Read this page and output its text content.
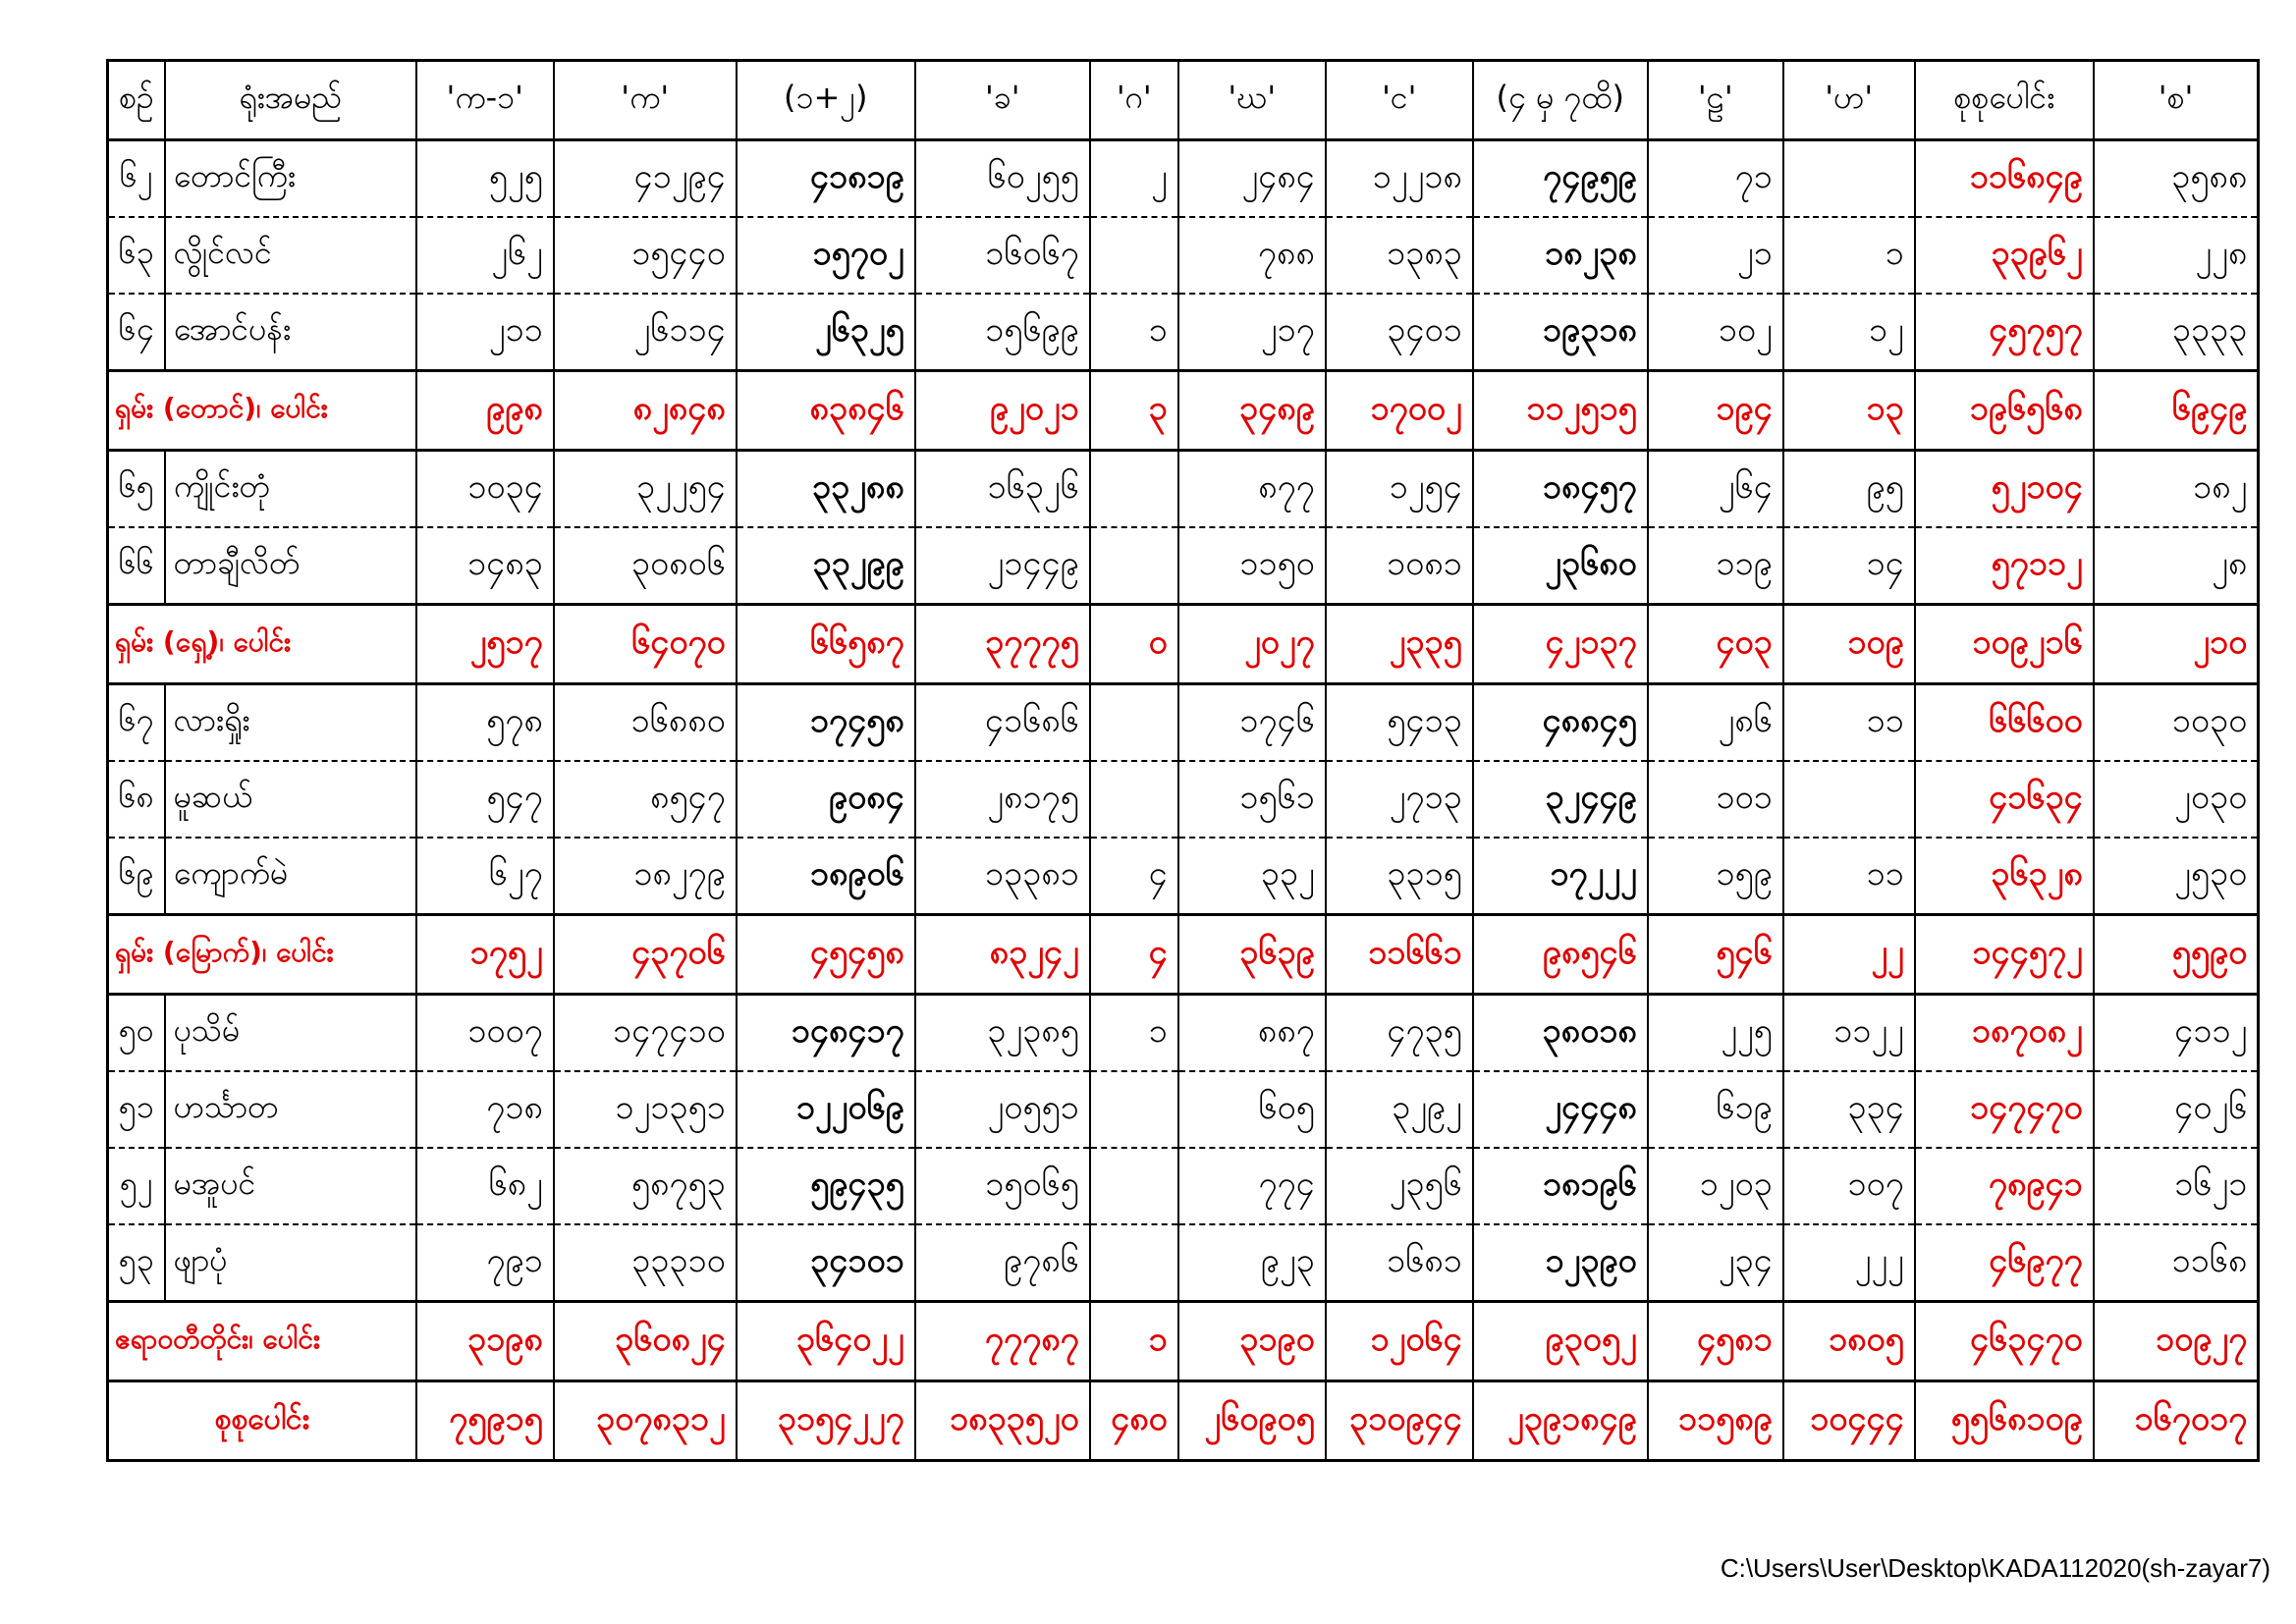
စဉ်	ရုံးအမည်	'က-၁'	'က'	(၁+၂)	'ခ'	'ဂ'	'ဃ'	'င'	(၄ မှ ၇ထိ)	'ဠ'	'ဟ'	စုစုပေါင်း	'စ'
၆၂	တောင်ကြီး	၅၂၅	၄၁၂၉၄	၄၁၈၁၉	၆၀၂၅၅	၂	၂၄၈၄	၁၂၂၁၈	၇၄၉၅၉	၇၁		၁၁၆၈၄၉	၃၅၈၈
၆၃	လွိုင်လင်	၂၆၂	၁၅၄၄၀	၁၅၇၀၂	၁၆၀၆၇		၇၈၈	၁၃၈၃	၁၈၂၃၈	၂၁	၁	၃၃၉၆၂	၂၂၈
၆၄	အောင်ပန်း	၂၁၁	၂၆၁၁၄	၂၆၃၂၅	၁၅၆၉၉	၁	၂၁၇	၃၄၀၁	၁၉၃၁၈	၁၀၂	၁၂	၄၅၇၅၇	၃၃၃၃
ရှမ်း (တောင်)၊ ပေါင်း		၉၉၈	၈၂၈၄၈	၈၃၈၄၆	၉၂၀၂၁	၃	၃၄၈၉	၁၇၀၀၂	၁၁၂၅၁၅	၁၉၄	၁၃	၁၉၆၅၆၈	၆၉၄၉
၆၅	ကျိုင်းတုံ	၁၀၃၄	၃၂၂၅၄	၃၃၂၈၈	၁၆၃၂၆		၈၇၇	၁၂၅၄	၁၈၄၅၇	၂၆၄	၉၅	၅၂၁၀၄	၁၈၂
၆၆	တာချီလိတ်	၁၄၈၃	၃၀၈၀၆	၃၃၂၉၉	၂၁၄၄၉		၁၁၅၀	၁၀၈၁	၂၃၆၈၀	၁၁၉	၁၄	၅၇၁၁၂	၂၈
ရှမ်း (ရှေ့)၊ ပေါင်း		၂၅၁၇	၆၄၀၇၀	၆၆၅၈၇	၃၇၇၇၅	၀	၂၀၂၇	၂၃၃၅	၄၂၁၃၇	၄၀၃	၁၀၉	၁၀၉၂၁၆	၂၁၀
၆၇	လားရှိုး	၅၇၈	၁၆၈၈၀	၁၇၄၅၈	၄၁၆၈၆		၁၇၄၆	၅၄၁၃	၄၈၈၄၅	၂၈၆	၁၁	၆၆၆၀၀	၁၀၃၀
၆၈	မူဆယ်	၅၄၇	၈၅၄၇	၉၀၈၄	၂၈၁၇၅		၁၅၆၁	၂၇၁၃	၃၂၄၄၉	၁၀၁		၄၁၆၃၄	၂၀၃၀
၆၉	ကျောက်မဲ	၆၂၇	၁၈၂၇၉	၁၈၉၀၆	၁၃၃၈၁	၄	၃၃၂	၃၃၁၅	၁၇၂၂၂	၁၅၉	၁၁	၃၆၃၂၈	၂၅၃၀
ရှမ်း (မြောက်)၊ ပေါင်း		၁၇၅၂	၄၃၇၀၆	၄၅၄၅၈	၈၃၂၄၂	၄	၃၆၃၉	၁၁၆၆၁	၉၈၅၄၆	၅၄၆	၂၂	၁၄၄၅၇၂	၅၅၉၀
၅၀	ပုသိမ်	၁၀၀၇	၁၄၇၄၁၀	၁၄၈၄၁၇	၃၂၃၈၅	၁	၈၈၇	၄၇၃၅	၃၈၀၁၈	၂၂၅	၁၁၂၂	၁၈၇၀၈၂	၄၁၁၂
၅၁	ဟင်္သာတ	၇၁၈	၁၂၁၃၅၁	၁၂၂၀၆၉	၂၀၅၅၁		၆၀၅	၃၂၉၂	၂၄၄၄၈	၆၁၉	၃၃၄	၁၄၇၄၇၀	၄၀၂၆
၅၂	မအူပင်	၆၈၂	၅၈၇၅၃	၅၉၄၃၅	၁၅၀၆၅		၇၇၄	၂၃၅၆	၁၈၁၉၆	၁၂၀၃	၁၀၇	၇၈၉၄၁	၁၆၂၁
၅၃	ဖျာပုံ	၇၉၁	၃၃၃၁၀	၃၄၁၀၁	၉၇၈၆		၉၂၃	၁၆၈၁	၁၂၃၉၀	၂၃၄	၂၂၂	၄၆၉၇၇	၁၁၆၈
ဧရာဝတီတိုင်း၊ ပေါင်း		၃၁၉၈	၃၆၀၈၂၄	၃၆၄၀၂၂	၇၇၇၈၇	၁	၃၁၉၀	၁၂၀၆၄	၉၃၀၅၂	၄၅၈၁	၁၈၀၅	၄၆၃၄၇၀	၁၀၉၂၇
စုစုပေါင်း		၇၅၉၁၅	၃၀၇၈၃၁၂	၃၁၅၄၂၂၇	၁၈၃၃၅၂၀	၄၈၀	၂၆၀၉၀၅	၃၁၀၉၄၄	၂၃၉၁၈၄၉	၁၁၅၈၉	၁၀၄၄၄	၅၅၆၈၁၀၉	၁၆၇၀၁၇
C:\Users\User\Desktop\KADA112020(sh-zayar7)
